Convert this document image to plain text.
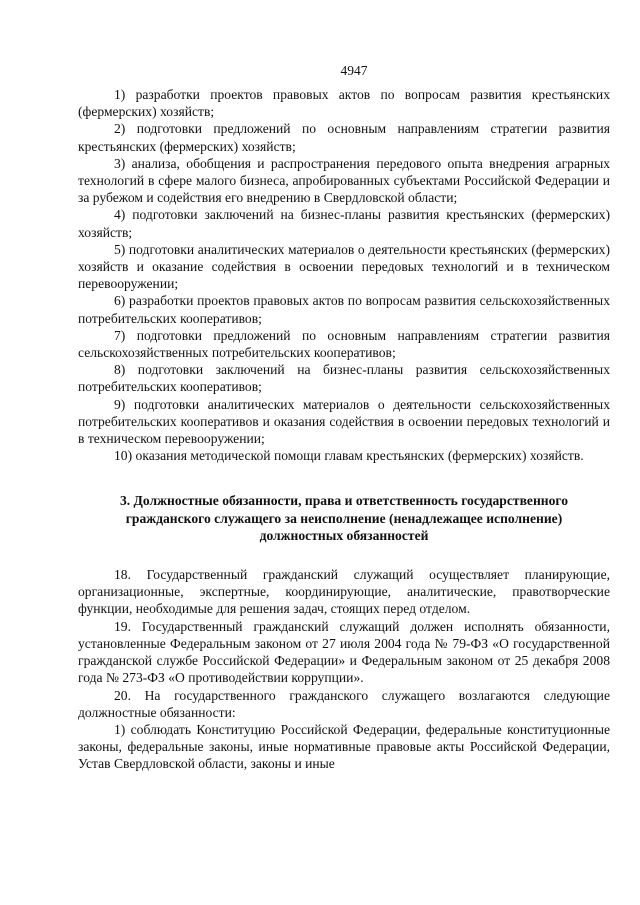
4947

1) разработки проектов правовых актов по вопросам развития крестьянских (фермерских) хозяйств;

2) подготовки предложений по основным направлениям стратегии развития крестьянских (фермерских) хозяйств;

3) анализа, обобщения и распространения передового опыта внедрения аграрных технологий в сфере малого бизнеса, апробированных субъектами Российской Федерации и за рубежом и содействия его внедрению в Свердловской области;

4) подготовки заключений на бизнес-планы развития крестьянских (фермерских) хозяйств;

5) подготовки аналитических материалов о деятельности крестьянских (фермерских) хозяйств и оказание содействия в освоении передовых технологий и в техническом перевооружении;

6) разработки проектов правовых актов по вопросам развития сельскохозяйственных потребительских кооперативов;

7) подготовки предложений по основным направлениям стратегии развития сельскохозяйственных потребительских кооперативов;

8) подготовки заключений на бизнес-планы развития сельскохозяйственных потребительских кооперативов;

9) подготовки аналитических материалов о деятельности сельскохозяйственных потребительских кооперативов и оказания содействия в освоении передовых технологий и в техническом перевооружении;

10) оказания методической помощи главам крестьянских (фермерских) хозяйств.

3. Должностные обязанности, права и ответственность государственного гражданского служащего за неисполнение (ненадлежащее исполнение) должностных обязанностей

18. Государственный гражданский служащий осуществляет планирующие, организационные, экспертные, координирующие, аналитические, правотворческие функции, необходимые для решения задач, стоящих перед отделом.

19. Государственный гражданский служащий должен исполнять обязанности, установленные Федеральным законом от 27 июля 2004 года № 79-ФЗ «О государственной гражданской службе Российской Федерации» и Федеральным законом от 25 декабря 2008 года № 273-ФЗ «О противодействии коррупции».

20. На государственного гражданского служащего возлагаются следующие должностные обязанности:

1) соблюдать Конституцию Российской Федерации, федеральные конституционные законы, федеральные законы, иные нормативные правовые акты Российской Федерации, Устав Свердловской области, законы и иные
